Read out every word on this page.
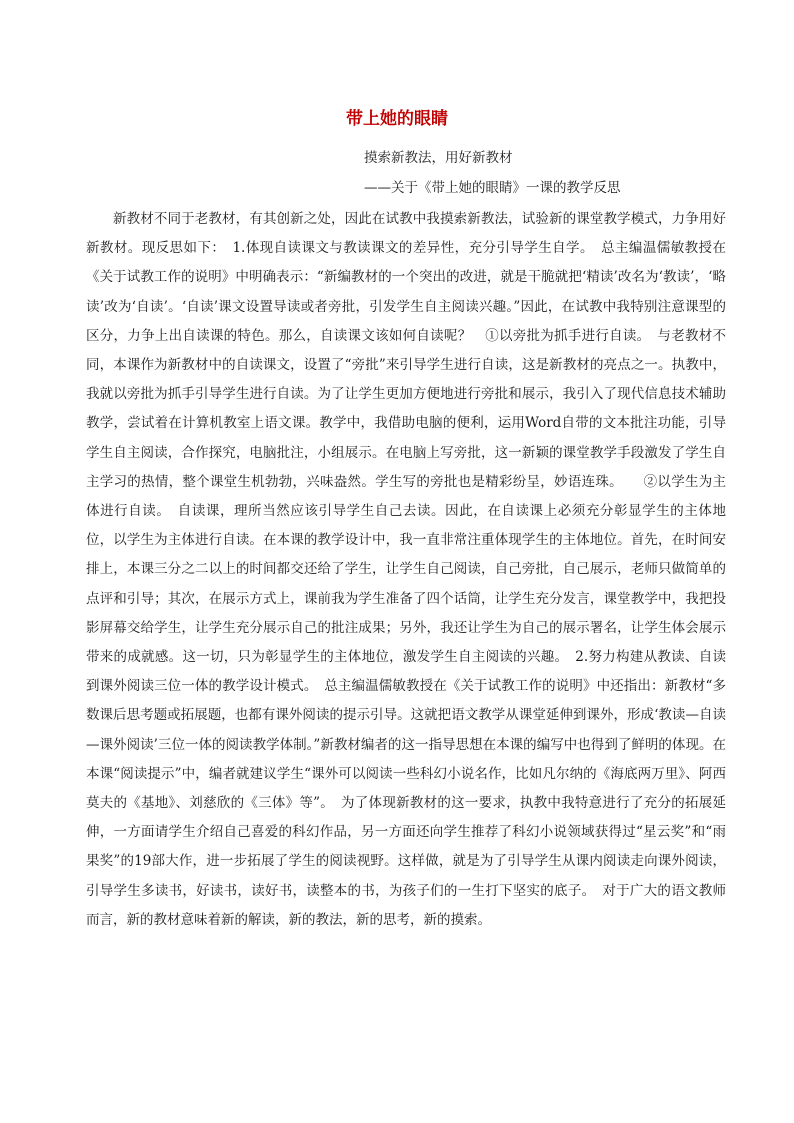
带上她的眼睛
摸索新教法，用好新教材
——关于《带上她的眼睛》一课的教学反思

新教材不同于老教材，有其创新之处，因此在试教中我摸索新教法，试验新的课堂教学模式，力争用好新教材。现反思如下：　1.体现自读课文与教读课文的差异性，充分引导学生自学。　总主编温儒敏教授在《关于试教工作的说明》中明确表示：“新编教材的一个突出的改进，就是干脆就把‘精读’改名为‘教读’，‘略读’改为‘自读’。‘自读’课文设置导读或者旁批，引发学生自主阅读兴趣。”因此，在试教中我特别注意课型的区分，力争上出自读课的特色。那么，自读课文该如何自读呢？　①以旁批为抓手进行自读。　与老教材不同，本课作为新教材中的自读课文，设置了“旁批”来引导学生进行自读，这是新教材的亮点之一。执教中，我就以旁批为抓手引导学生进行自读。为了让学生更加方便地进行旁批和展示，我引入了现代信息技术辅助教学，尝试着在计算机教室上语文课。教学中，我借助电脑的便利，运用Word自带的文本批注功能，引导学生自主阅读，合作探究，电脑批注，小组展示。在电脑上写旁批，这一新颖的课堂教学手段激发了学生自主学习的热情，整个课堂生机勃勃，兴味盎然。学生写的旁批也是精彩纷呈，妙语连珠。　　②以学生为主体进行自读。　自读课，理所当然应该引导学生自己去读。因此，在自读课上必须充分彰显学生的主体地位，以学生为主体进行自读。在本课的教学设计中，我一直非常注重体现学生的主体地位。首先，在时间安排上，本课三分之二以上的时间都交还给了学生，让学生自己阅读，自己旁批，自己展示，老师只做简单的点评和引导；其次，在展示方式上，课前我为学生准备了四个话筒，让学生充分发言，课堂教学中，我把投影屏幕交给学生，让学生充分展示自己的批注成果；另外，我还让学生为自己的展示署名，让学生体会展示带来的成就感。这一切，只为彰显学生的主体地位，激发学生自主阅读的兴趣。　2.努力构建从教读、自读到课外阅读三位一体的教学设计模式。　总主编温儒敏教授在《关于试教工作的说明》中还指出：新教材“多数课后思考题或拓展题，也都有课外阅读的提示引导。这就把语文教学从课堂延伸到课外，形成‘教读—自读—课外阅读’三位一体的阅读教学体制。”新教材编者的这一指导思想在本课的编写中也得到了鲜明的体现。在本课“阅读提示”中，编者就建议学生“课外可以阅读一些科幻小说名作，比如凡尔纳的《海底两万里》、阿西莫夫的《基地》、刘慈欣的《三体》等”。　为了体现新教材的这一要求，执教中我特意进行了充分的拓展延伸，一方面请学生介绍自己喜爱的科幻作品，另一方面还向学生推荐了科幻小说领域获得过“星云奖”和“雨果奖”的19部大作，进一步拓展了学生的阅读视野。这样做，就是为了引导学生从课内阅读走向课外阅读，引导学生多读书，好读书，读好书，读整本的书，为孩子们的一生打下坚实的底子。　对于广大的语文教师而言，新的教材意味着新的解读，新的教法，新的思考，新的摸索。
